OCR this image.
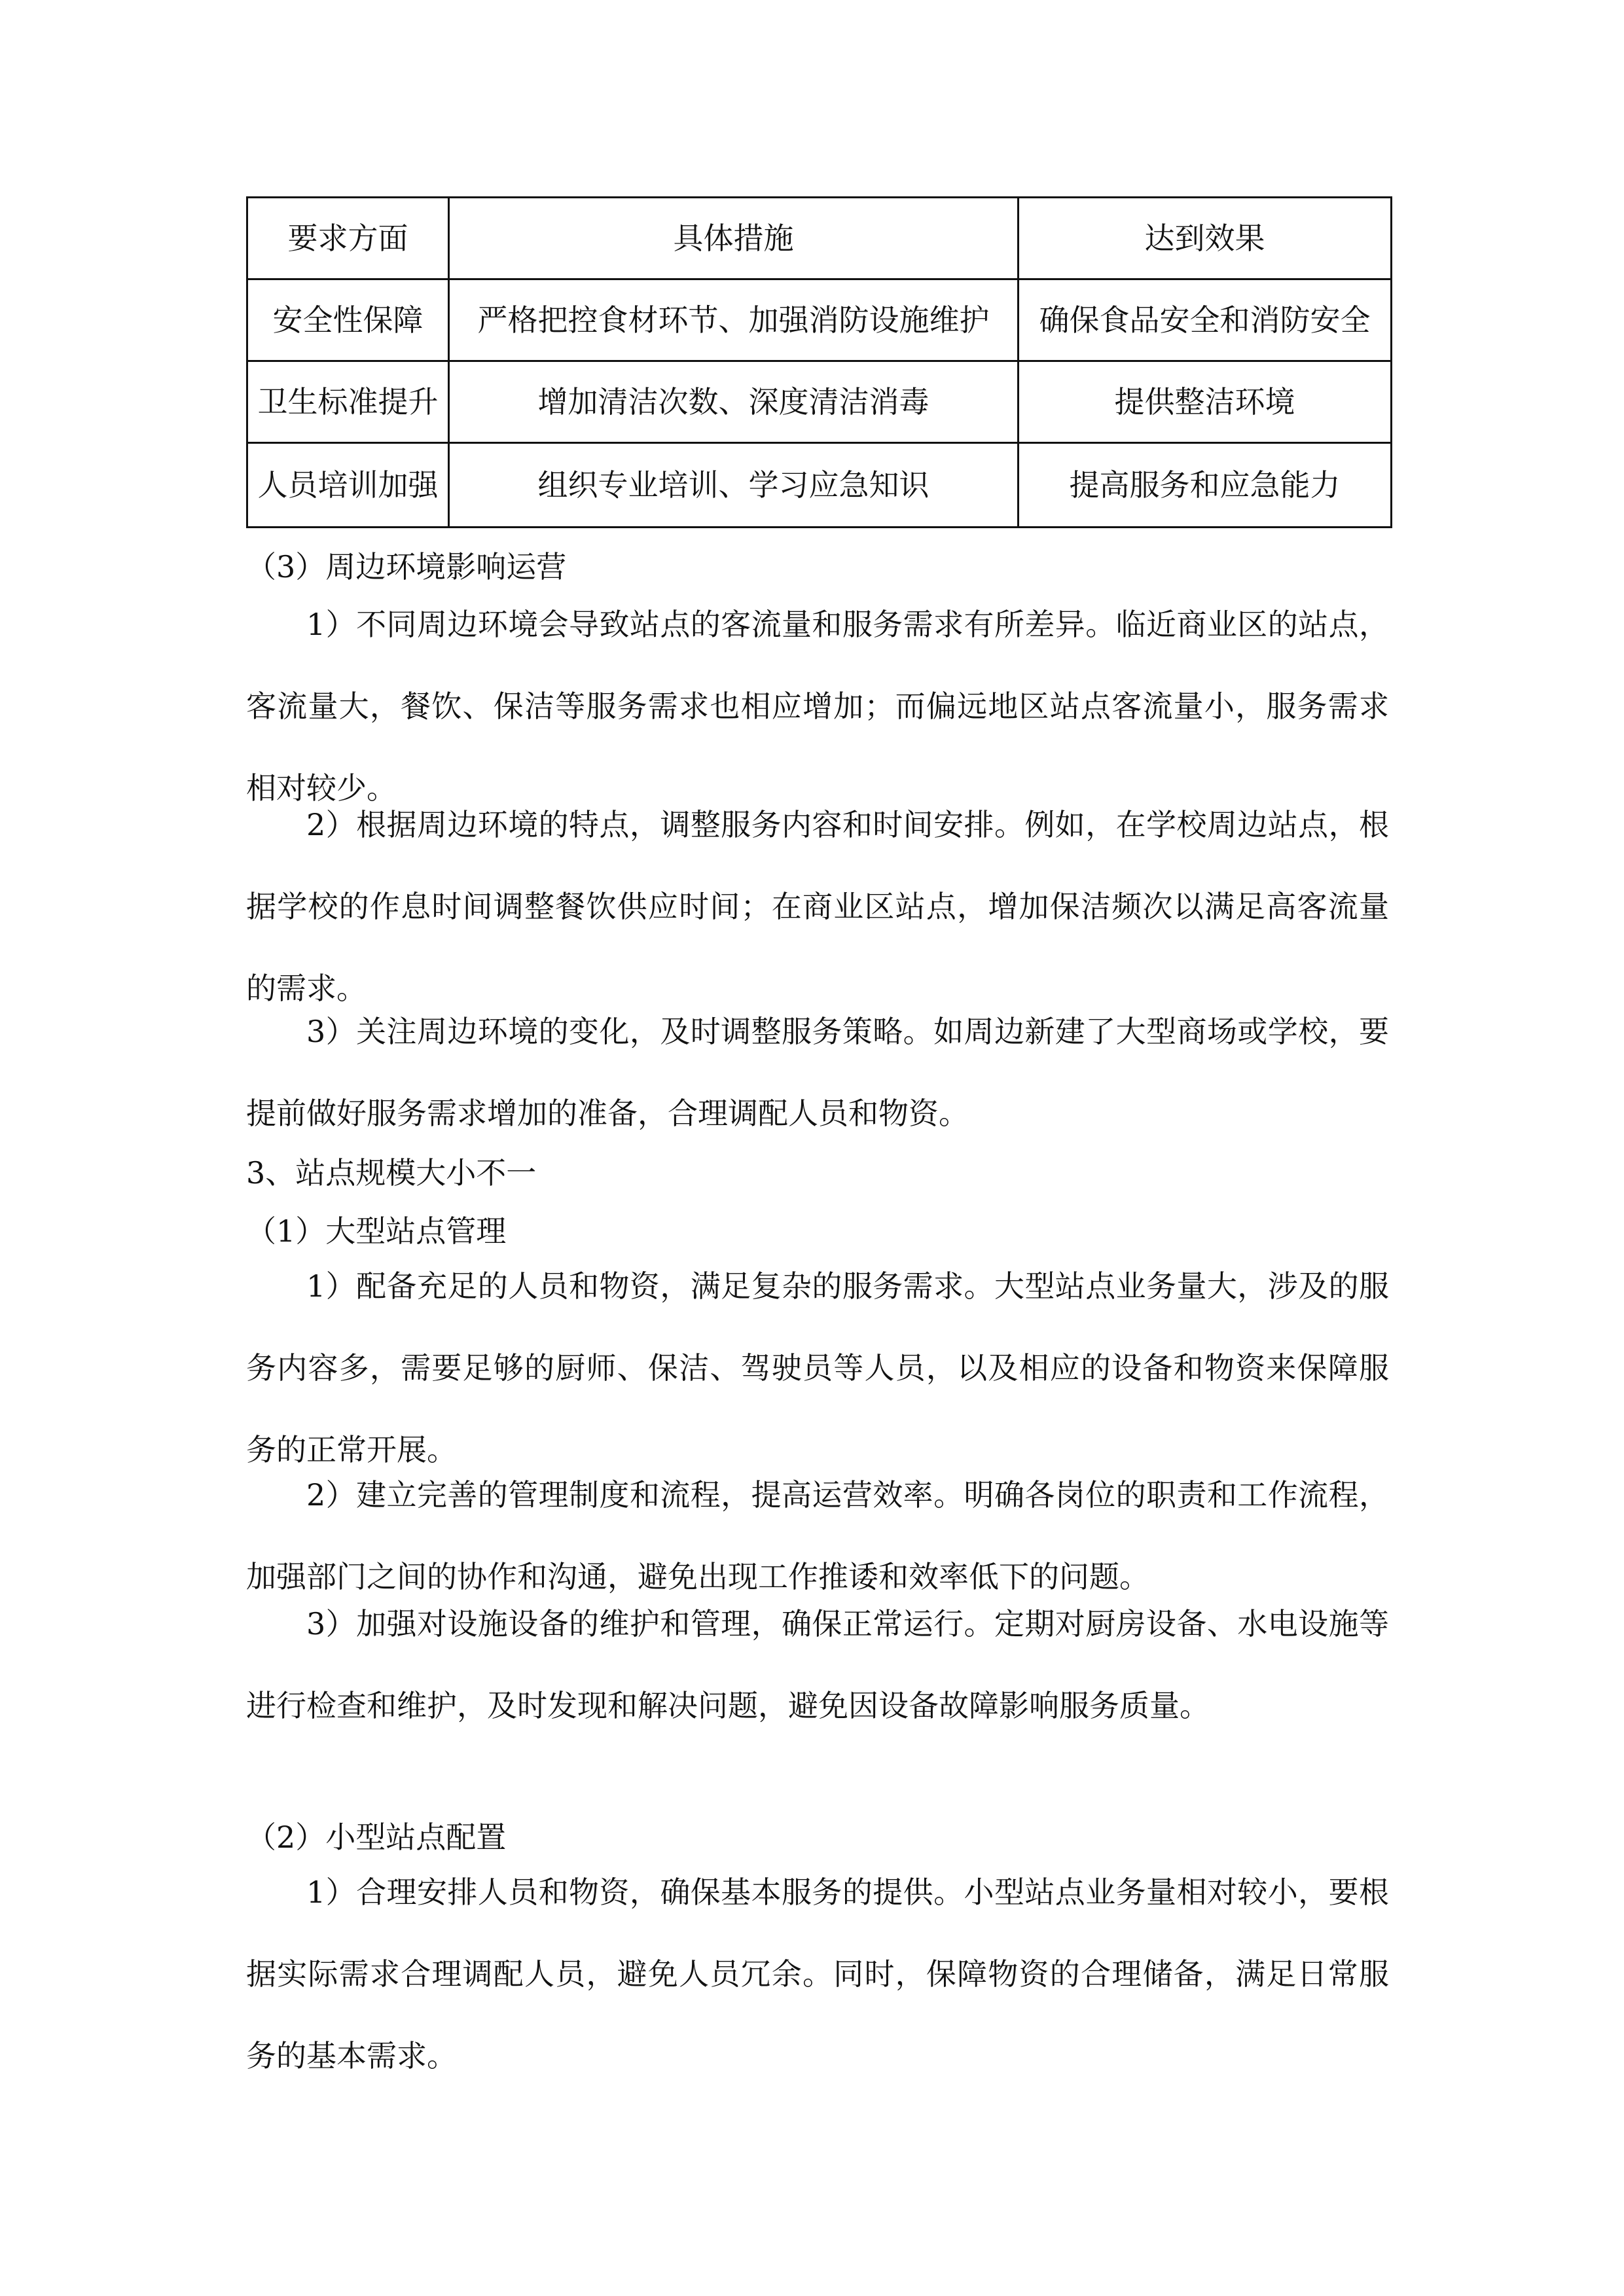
要求方面	具体措施	达到效果
安全性保障	严格把控食材环节、加强消防设施维护	确保食品安全和消防安全
卫生标准提升	增加清洁次数、深度清洁消毒	提供整洁环境
人员培训加强	组织专业培训、学习应急知识	提高服务和应急能力
（3）周边环境影响运营
1）不同周边环境会导致站点的客流量和服务需求有所差异。临近商业区的站点，客流量大，餐饮、保洁等服务需求也相应增加；而偏远地区站点客流量小，服务需求相对较少。
2）根据周边环境的特点，调整服务内容和时间安排。例如，在学校周边站点，根据学校的作息时间调整餐饮供应时间；在商业区站点，增加保洁频次以满足高客流量的需求。
3）关注周边环境的变化，及时调整服务策略。如周边新建了大型商场或学校，要提前做好服务需求增加的准备，合理调配人员和物资。
3、站点规模大小不一
（1）大型站点管理
1）配备充足的人员和物资，满足复杂的服务需求。大型站点业务量大，涉及的服务内容多，需要足够的厨师、保洁、驾驶员等人员，以及相应的设备和物资来保障服务的正常开展。
2）建立完善的管理制度和流程，提高运营效率。明确各岗位的职责和工作流程，加强部门之间的协作和沟通，避免出现工作推诿和效率低下的问题。
3）加强对设施设备的维护和管理，确保正常运行。定期对厨房设备、水电设施等进行检查和维护，及时发现和解决问题，避免因设备故障影响服务质量。
（2）小型站点配置
1）合理安排人员和物资，确保基本服务的提供。小型站点业务量相对较小，要根据实际需求合理调配人员，避免人员冗余。同时，保障物资的合理储备，满足日常服务的基本需求。
